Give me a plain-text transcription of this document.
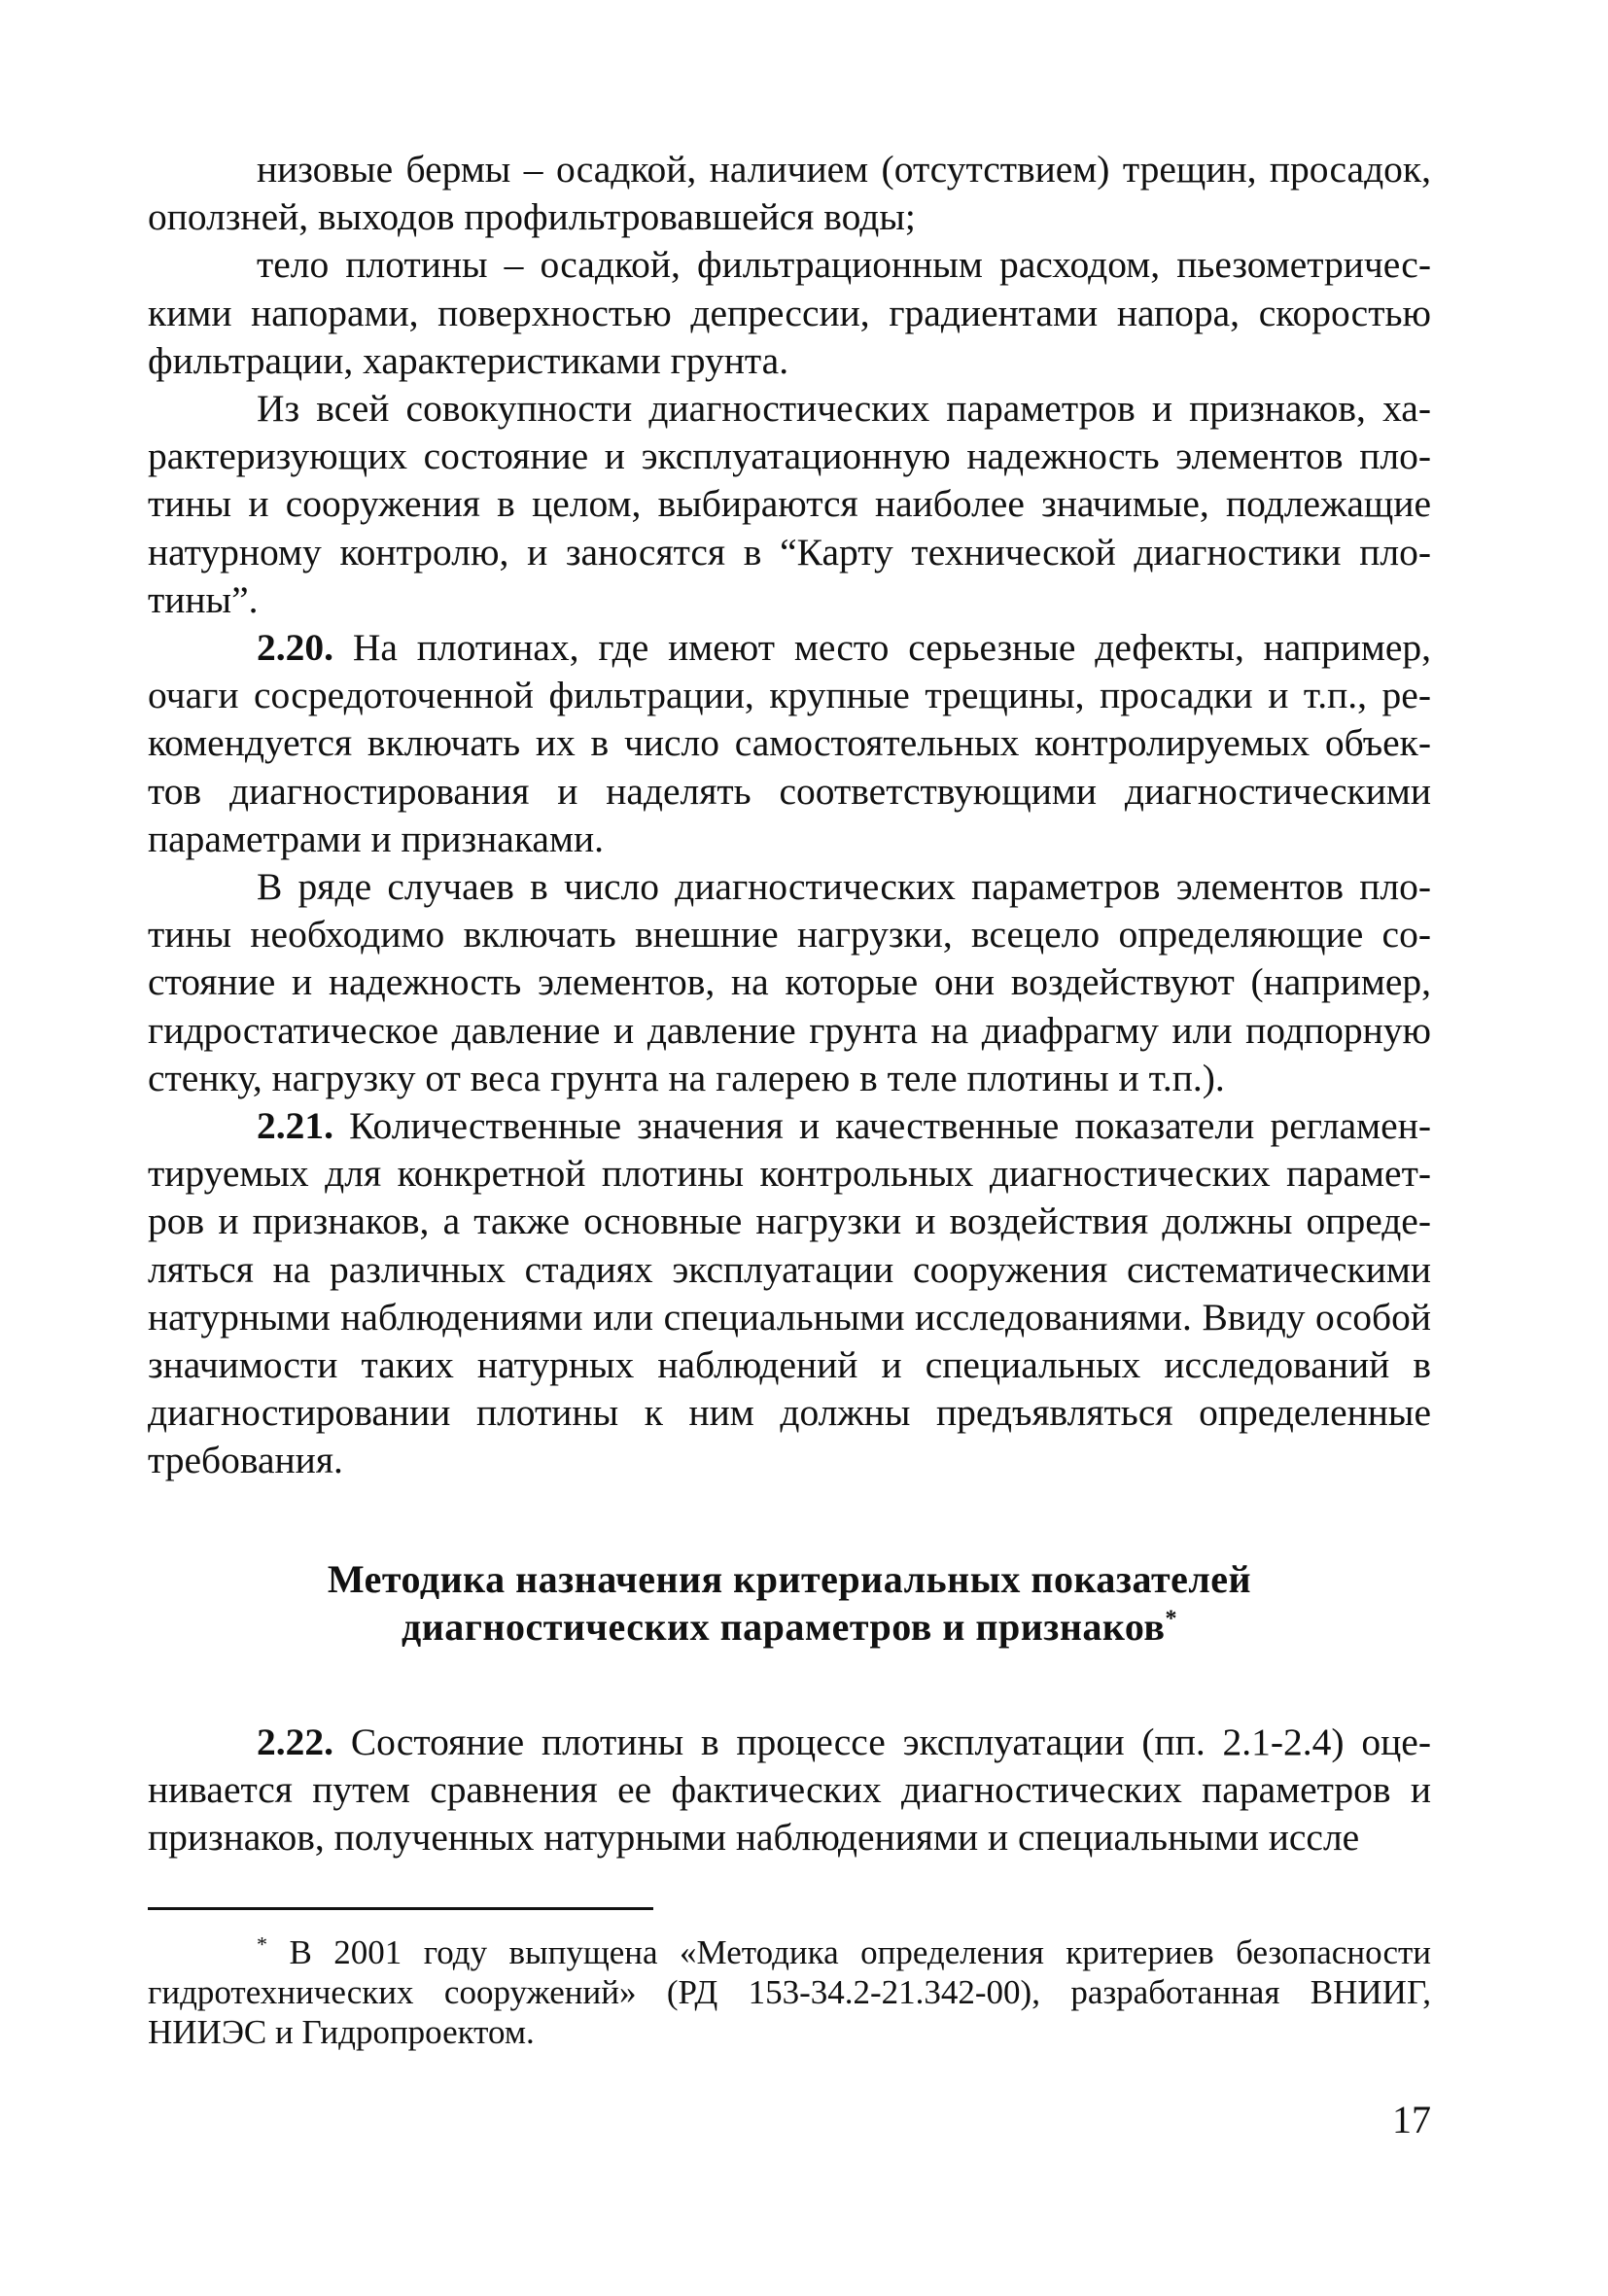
низовые бермы – осадкой, наличием (отсутствием) трещин, просадок, оползней, выходов профильтровавшейся воды;

тело плотины – осадкой, фильтрационным расходом, пьезометрическими напорами, поверхностью депрессии, градиентами напора, скоростью фильтрации, характеристиками грунта.

Из всей совокупности диагностических параметров и признаков, характеризующих состояние и эксплуатационную надежность элементов плотины и сооружения в целом, выбираются наиболее значимые, подлежащие натурному контролю, и заносятся в “Карту технической диагностики плотины”.

2.20. На плотинах, где имеют место серьезные дефекты, например, очаги сосредоточенной фильтрации, крупные трещины, просадки и т.п., рекомендуется включать их в число самостоятельных контролируемых объектов диагностирования и наделять соответствующими диагностическими параметрами и признаками.

В ряде случаев в число диагностических параметров элементов плотины необходимо включать внешние нагрузки, всецело определяющие состояние и надежность элементов, на которые они воздействуют (например, гидростатическое давление и давление грунта на диафрагму или подпорную стенку, нагрузку от веса грунта на галерею в теле плотины и т.п.).

2.21. Количественные значения и качественные показатели регламентируемых для конкретной плотины контрольных диагностических параметров и признаков, а также основные нагрузки и воздействия должны определяться на различных стадиях эксплуатации сооружения систематическими натурными наблюдениями или специальными исследованиями. Ввиду особой значимости таких натурных наблюдений и специальных исследований в диагностировании плотины к ним должны предъявляться определенные требования.

Методика назначения критериальных показателей
диагностических параметров и признаков*

2.22. Состояние плотины в процессе эксплуатации (пп. 2.1-2.4) оценивается путем сравнения ее фактических диагностических параметров и признаков, полученных натурными наблюдениями и специальными иссле

* В 2001 году выпущена «Методика определения критериев безопасности гидротехнических сооружений» (РД 153-34.2-21.342-00), разработанная ВНИИГ, НИИЭС и Гидропроектом.

17
